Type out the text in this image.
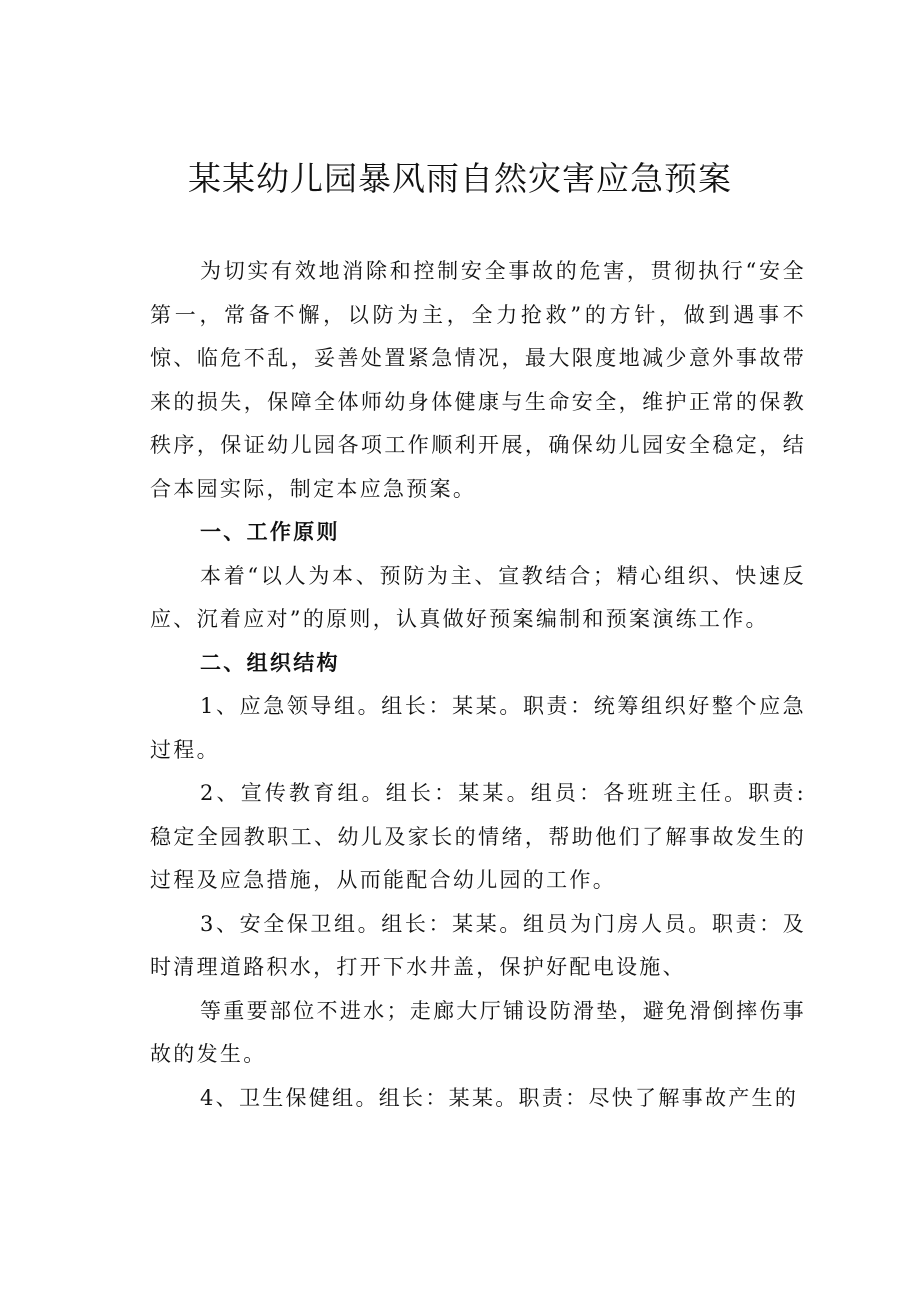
某某幼儿园暴风雨自然灾害应急预案

为切实有效地消除和控制安全事故的危害，贯彻执行“安全第一，常备不懈，以防为主，全力抢救”的方针，做到遇事不惊、临危不乱，妥善处置紧急情况，最大限度地减少意外事故带来的损失，保障全体师幼身体健康与生命安全，维护正常的保教秩序，保证幼儿园各项工作顺利开展，确保幼儿园安全稳定，结合本园实际，制定本应急预案。

一、工作原则

本着“以人为本、预防为主、宣教结合；精心组织、快速反应、沉着应对”的原则，认真做好预案编制和预案演练工作。

二、组织结构

1、应急领导组。组长：某某。职责：统筹组织好整个应急过程。

2、宣传教育组。组长：某某。组员：各班班主任。职责:稳定全园教职工、幼儿及家长的情绪，帮助他们了解事故发生的过程及应急措施，从而能配合幼儿园的工作。

3、安全保卫组。组长：某某。组员为门房人员。职责：及时清理道路积水，打开下水井盖，保护好配电设施、

等重要部位不进水；走廊大厅铺设防滑垫，避免滑倒摔伤事故的发生。

4、卫生保健组。组长：某某。职责：尽快了解事故产生的
